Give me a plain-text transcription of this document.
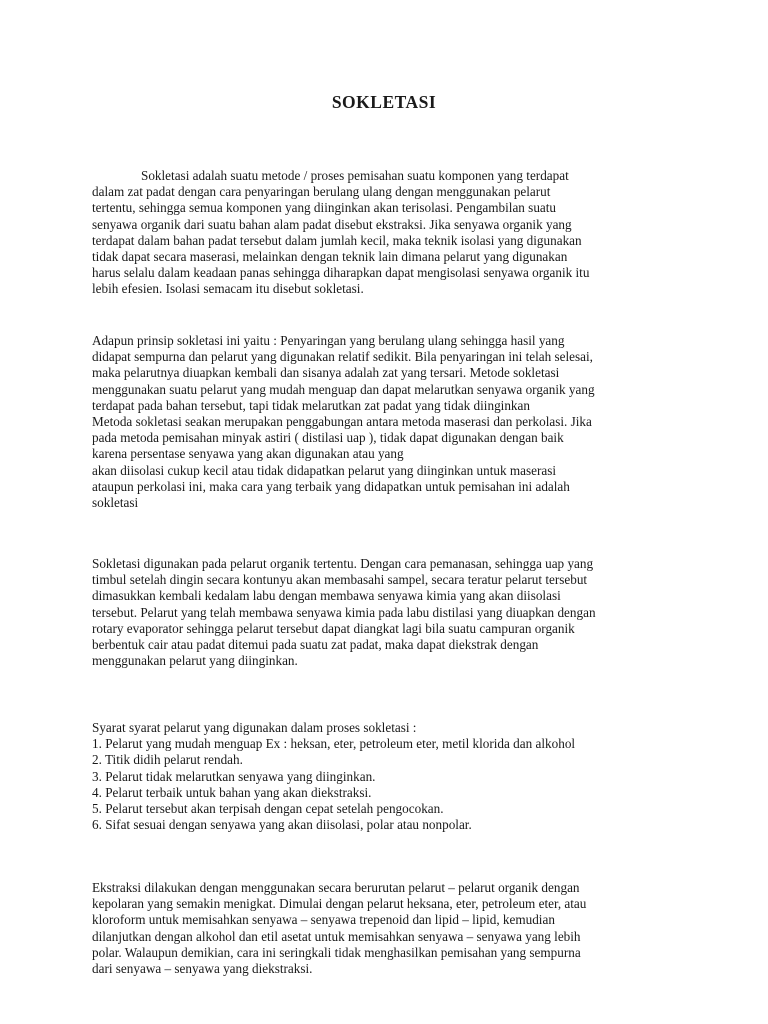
SOKLETASI
Sokletasi adalah suatu metode / proses pemisahan suatu komponen yang terdapat
dalam zat padat dengan cara penyaringan berulang ulang dengan menggunakan pelarut
tertentu, sehingga semua komponen yang diinginkan akan terisolasi. Pengambilan suatu
senyawa organik dari suatu bahan alam padat disebut ekstraksi. Jika senyawa organik yang
terdapat dalam bahan padat tersebut dalam jumlah kecil, maka teknik isolasi yang digunakan
tidak dapat secara maserasi, melainkan dengan teknik lain dimana pelarut yang digunakan
harus selalu dalam keadaan panas sehingga diharapkan dapat mengisolasi senyawa organik itu
lebih efesien. Isolasi semacam itu disebut sokletasi.
Adapun prinsip sokletasi ini yaitu : Penyaringan yang berulang ulang sehingga hasil yang
didapat sempurna dan pelarut yang digunakan relatif sedikit. Bila penyaringan ini telah selesai,
maka pelarutnya diuapkan kembali dan sisanya adalah zat yang tersari. Metode sokletasi
menggunakan suatu pelarut yang mudah menguap dan dapat melarutkan senyawa organik yang
terdapat pada bahan tersebut, tapi tidak melarutkan zat padat yang tidak diinginkan
Metoda sokletasi seakan merupakan penggabungan antara metoda maserasi dan perkolasi. Jika
pada metoda pemisahan minyak astiri ( distilasi uap ), tidak dapat digunakan dengan baik
karena persentase senyawa yang akan digunakan atau yang
akan diisolasi cukup kecil atau tidak didapatkan pelarut yang diinginkan untuk maserasi
ataupun perkolasi ini, maka cara yang terbaik yang didapatkan untuk pemisahan ini adalah
sokletasi
Sokletasi digunakan pada pelarut organik tertentu. Dengan cara pemanasan, sehingga uap yang
timbul setelah dingin secara kontunyu akan membasahi sampel, secara teratur pelarut tersebut
dimasukkan kembali kedalam labu dengan membawa senyawa kimia yang akan diisolasi
tersebut. Pelarut yang telah membawa senyawa kimia pada labu distilasi yang diuapkan dengan
rotary evaporator sehingga pelarut tersebut dapat diangkat lagi bila suatu campuran organik
berbentuk cair atau padat ditemui pada suatu zat padat, maka dapat diekstrak dengan
menggunakan pelarut yang diinginkan.
Syarat syarat pelarut yang digunakan dalam proses sokletasi :
1. Pelarut yang mudah menguap Ex : heksan, eter, petroleum eter, metil klorida dan alkohol
2. Titik didih pelarut rendah.
3. Pelarut tidak melarutkan senyawa yang diinginkan.
4. Pelarut terbaik untuk bahan yang akan diekstraksi.
5. Pelarut tersebut akan terpisah dengan cepat setelah pengocokan.
6. Sifat sesuai dengan senyawa yang akan diisolasi, polar atau nonpolar.
Ekstraksi dilakukan dengan menggunakan secara berurutan pelarut – pelarut organik dengan
kepolaran yang semakin menigkat. Dimulai dengan pelarut heksana, eter, petroleum eter, atau
kloroform untuk memisahkan senyawa – senyawa trepenoid dan lipid – lipid, kemudian
dilanjutkan dengan alkohol dan etil asetat untuk memisahkan senyawa – senyawa yang lebih
polar. Walaupun demikian, cara ini seringkali tidak menghasilkan pemisahan yang sempurna
dari senyawa – senyawa yang diekstraksi.
